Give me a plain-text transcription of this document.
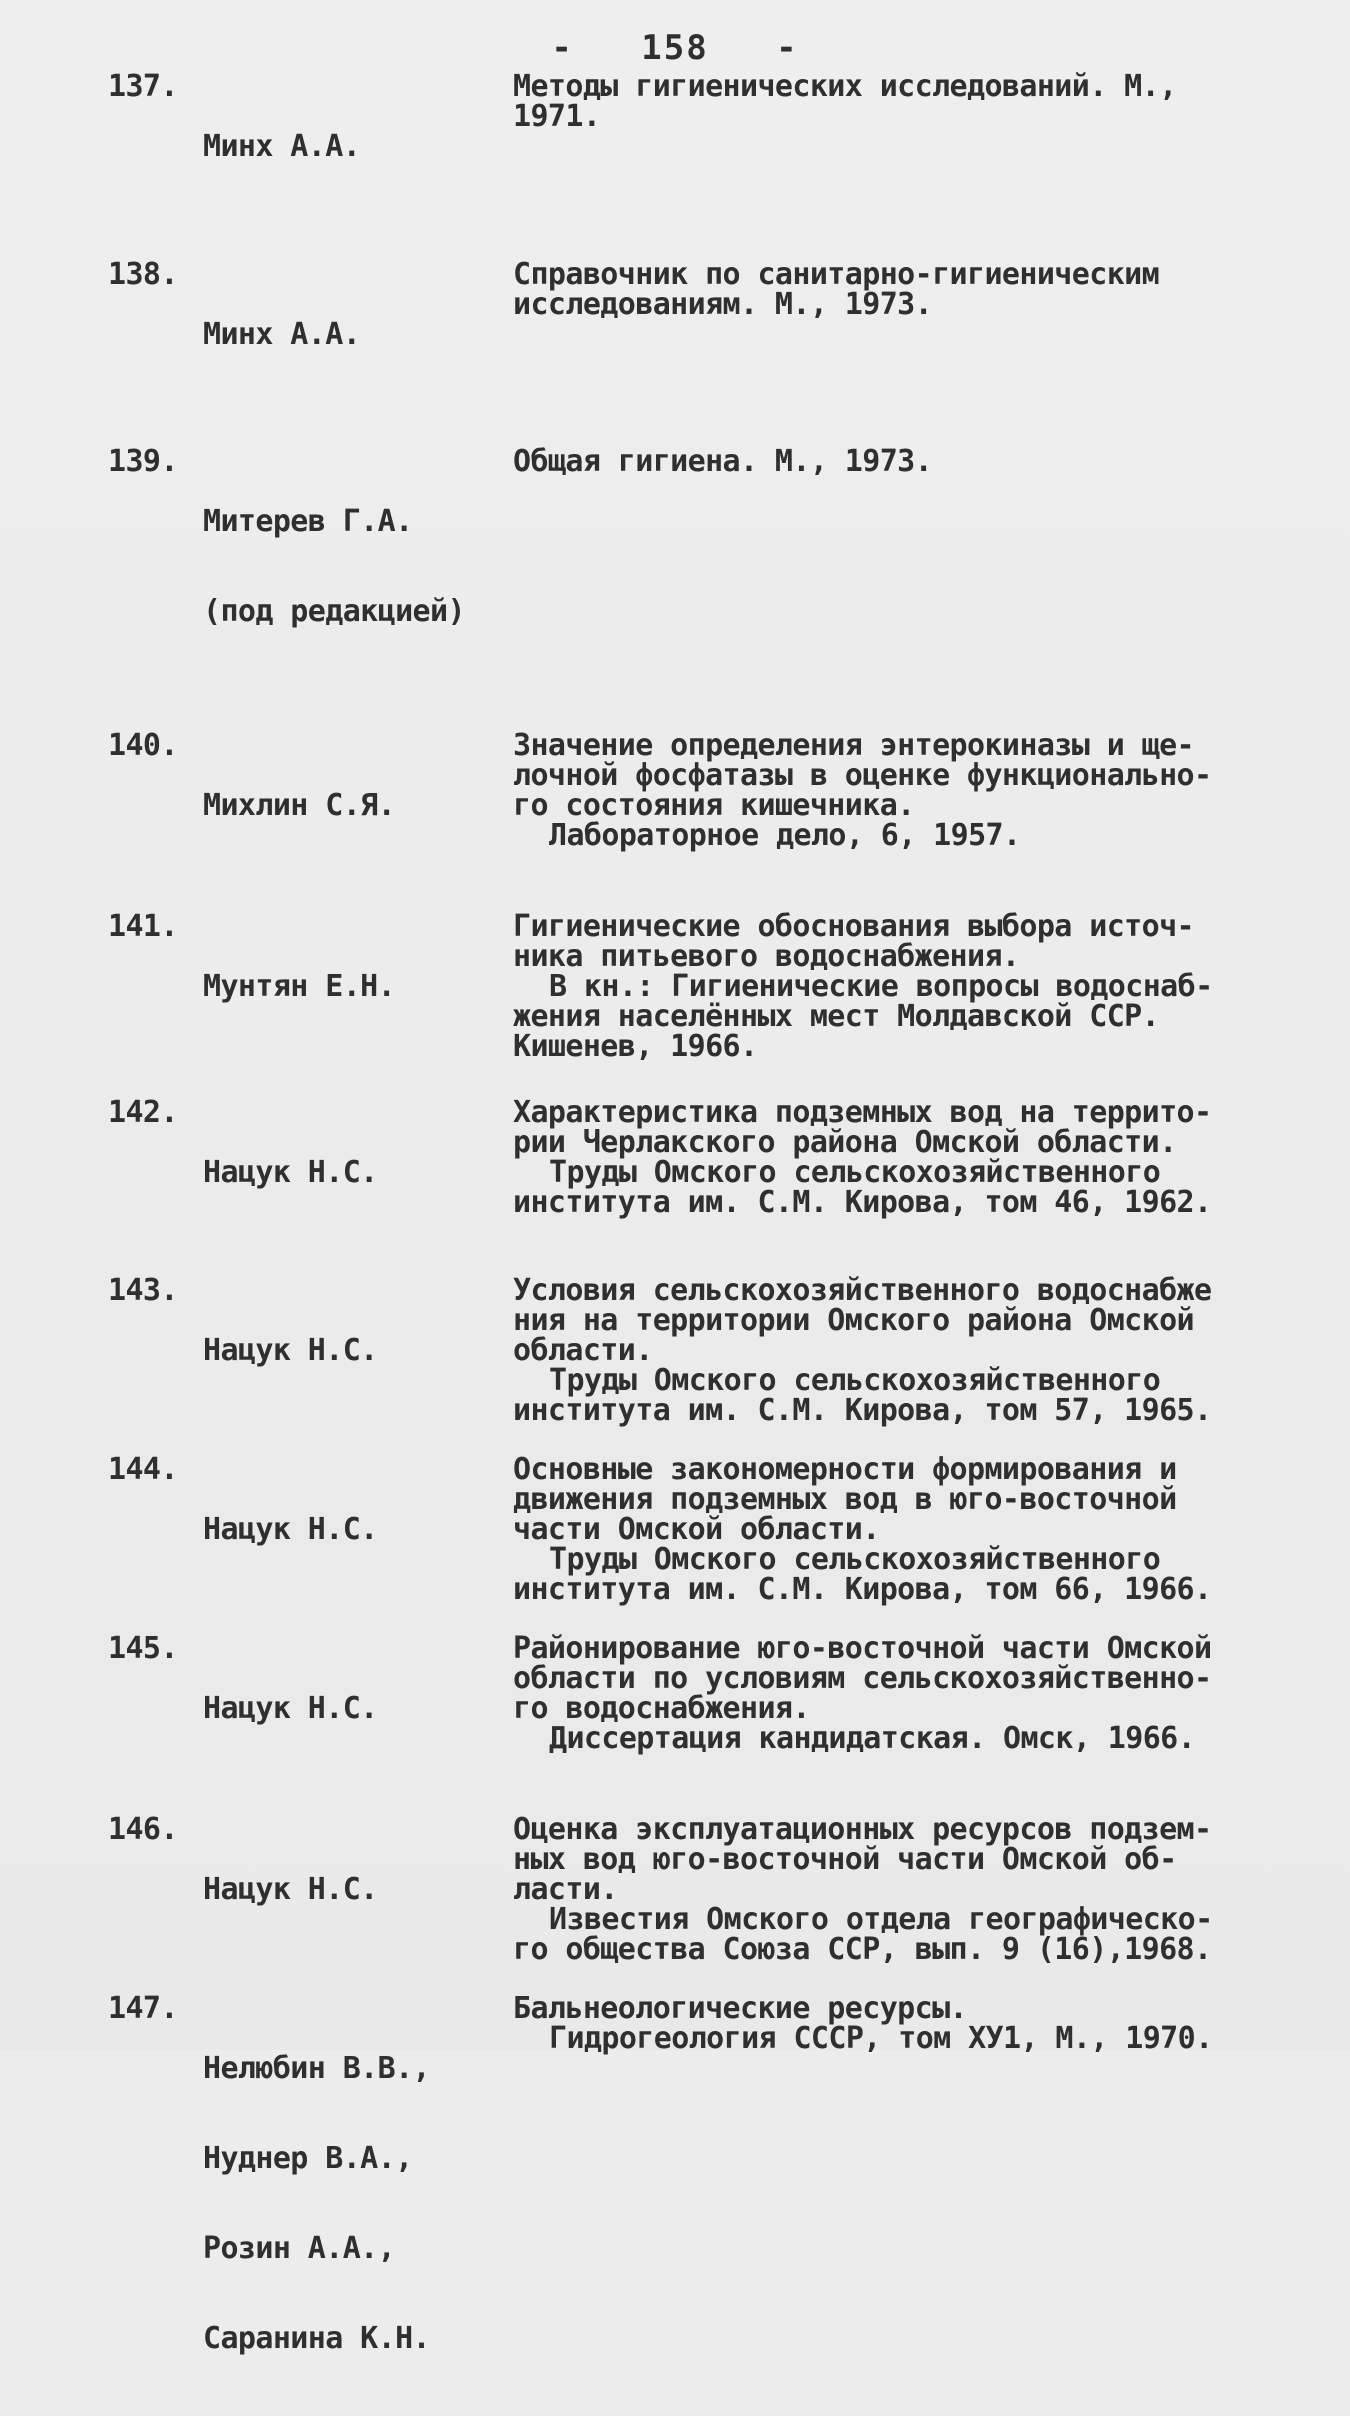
-   158   -
137.

Минх А.А.

Методы гигиенических исследований. М.,
1971.
138.

Минх А.А.

Справочник по санитарно-гигиеническим
исследованиям. М., 1973.
139.

Митерев Г.А.

(под редакцией)

Общая гигиена. М., 1973.
140.

Михлин С.Я.

Значение определения энтерокиназы и ще-
лочной фосфатазы в оценке функционально-
го состояния кишечника.
Лабораторное дело, 6, 1957.
141.

Мунтян Е.Н.

Гигиенические обоснования выбора источ-
ника питьевого водоснабжения.
В кн.: Гигиенические вопросы водоснаб-
жения населённых мест Молдавской ССР.
Кишенев, 1966.
142.

Нацук Н.С.

Характеристика подземных вод на террито-
рии Черлакского района Омской области.
Труды Омского сельскохозяйственного
института им. С.М. Кирова, том 46, 1962.
143.

Нацук Н.С.

Условия сельскохозяйственного водоснабже
ния на территории Омского района Омской
области.
Труды Омского сельскохозяйственного
института им. С.М. Кирова, том 57, 1965.
144.

Нацук Н.С.

Основные закономерности формирования и
движения подземных вод в юго-восточной
части Омской области.
Труды Омского сельскохозяйственного
института им. С.М. Кирова, том 66, 1966.
145.

Нацук Н.С.

Районирование юго-восточной части Омской
области по условиям сельскохозяйственно-
го водоснабжения.
Диссертация кандидатская. Омск, 1966.
146.

Нацук Н.С.

Оценка эксплуатационных ресурсов подзем-
ных вод юго-восточной части Омской об-
ласти.
Известия Омского отдела географическо-
го общества Союза ССР, вып. 9 (16),1968.
147.

Нелюбин В.В.,

Нуднер В.А.,

Розин А.А.,

Саранина К.Н.

Бальнеологические ресурсы.
Гидрогеология СССР, том ХУ1, М., 1970.
